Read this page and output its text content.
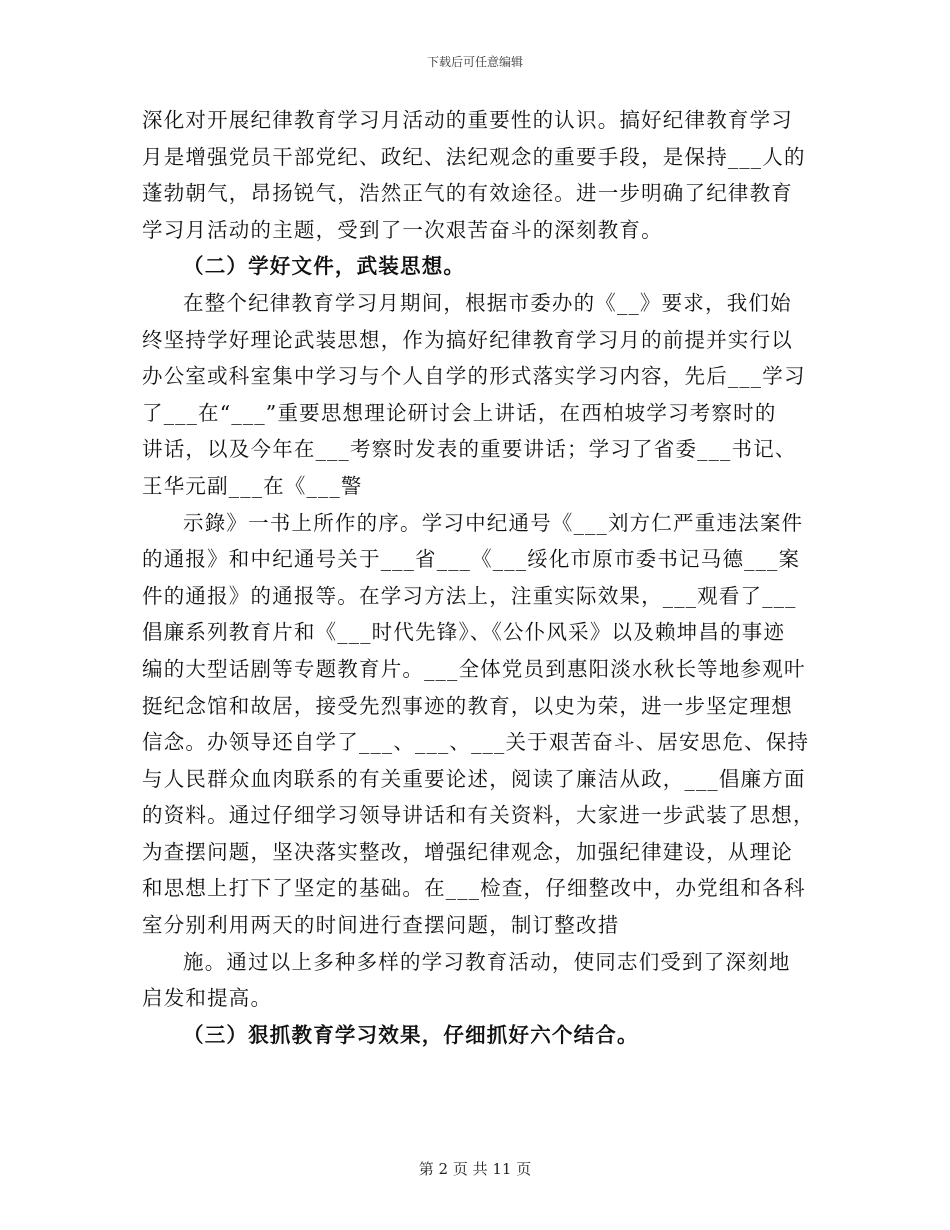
下载后可任意编辑

深化对开展纪律教育学习月活动的重要性的认识。搞好纪律教育学习

月是增强党员干部党纪、政纪、法纪观念的重要手段，是保持___人的

蓬勃朝气，昂扬锐气，浩然正气的有效途径。进一步明确了纪律教育

学习月活动的主题，受到了一次艰苦奋斗的深刻教育。

（二）学好文件，武装思想。

在整个纪律教育学习月期间，根据市委办的《__》要求，我们始

终坚持学好理论武装思想，作为搞好纪律教育学习月的前提并实行以

办公室或科室集中学习与个人自学的形式落实学习内容，先后___学习

了___在“___”重要思想理论研讨会上讲话，在西柏坡学习考察时的

讲话，以及今年在___考察时发表的重要讲话；学习了省委___书记、

王华元副___在《___警

示錄》一书上所作的序。学习中纪通号《___刘方仁严重违法案件

的通报》和中纪通号关于___省___《___绥化市原市委书记马德___案

件的通报》的通报等。在学习方法上，注重实际效果，___观看了___

倡廉系列教育片和《___时代先锋》、《公仆风采》以及赖坤昌的事迹

编的大型话剧等专题教育片。___全体党员到惠阳淡水秋长等地参观叶

挺纪念馆和故居，接受先烈事迹的教育，以史为荣，进一步坚定理想

信念。办领导还自学了___、___、___关于艰苦奋斗、居安思危、保持

与人民群众血肉联系的有关重要论述，阅读了廉洁从政，___倡廉方面

的资料。通过仔细学习领导讲话和有关资料，大家进一步武装了思想，

为查摆问题，坚决落实整改，增强纪律观念，加强纪律建设，从理论

和思想上打下了坚定的基础。在___检查，仔细整改中，办党组和各科

室分别利用两天的时间进行查摆问题，制订整改措

施。通过以上多种多样的学习教育活动，使同志们受到了深刻地

启发和提高。

（三）狠抓教育学习效果，仔细抓好六个结合。

第 2 页 共 11 页
